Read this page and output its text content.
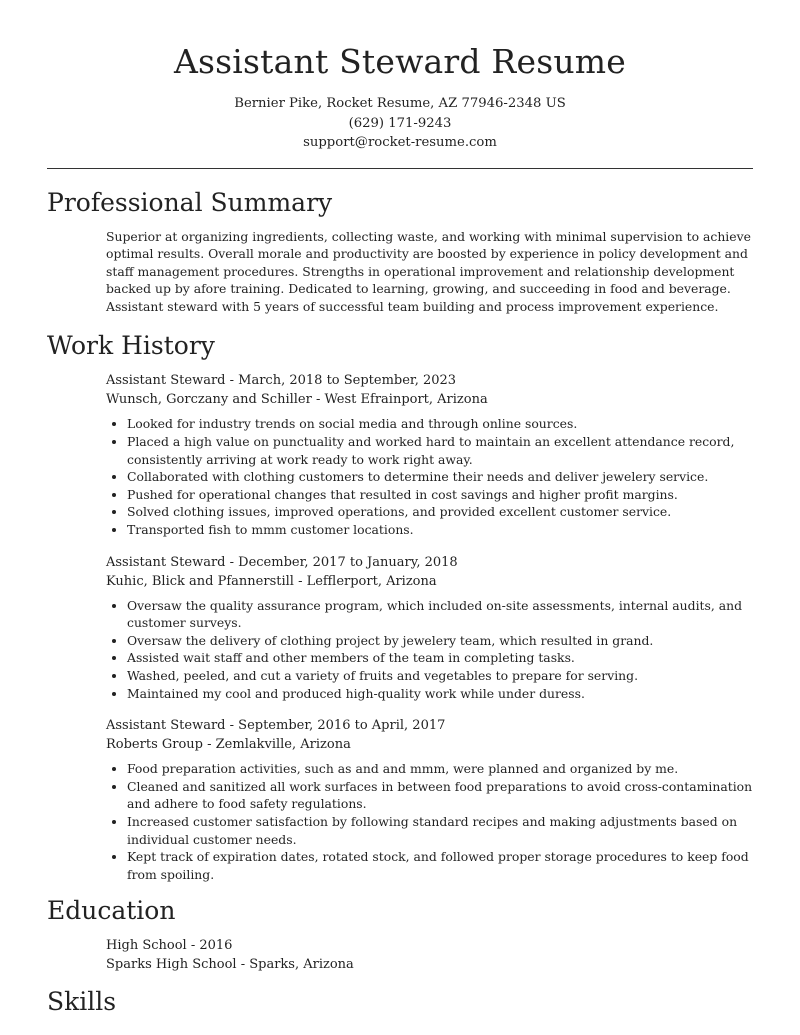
Assistant Steward Resume
Bernier Pike, Rocket Resume, AZ 77946-2348 US
(629) 171-9243
support@rocket-resume.com
Professional Summary

Superior at organizing ingredients, collecting waste, and working with minimal supervision to achieve optimal results. Overall morale and productivity are boosted by experience in policy development and staff management procedures. Strengths in operational improvement and relationship development backed up by afore training. Dedicated to learning, growing, and succeeding in food and beverage. Assistant steward with 5 years of successful team building and process improvement experience.

Work History
Assistant Steward - March, 2018 to September, 2023
Wunsch, Gorczany and Schiller - West Efrainport, Arizona
• Looked for industry trends on social media and through online sources.
• Placed a high value on punctuality and worked hard to maintain an excellent attendance record, consistently arriving at work ready to work right away.
• Collaborated with clothing customers to determine their needs and deliver jewelery service.
• Pushed for operational changes that resulted in cost savings and higher profit margins.
• Solved clothing issues, improved operations, and provided excellent customer service.
• Transported fish to mmm customer locations.
Assistant Steward - December, 2017 to January, 2018
Kuhic, Blick and Pfannerstill - Lefflerport, Arizona
• Oversaw the quality assurance program, which included on-site assessments, internal audits, and customer surveys.
• Oversaw the delivery of clothing project by jewelery team, which resulted in grand.
• Assisted wait staff and other members of the team in completing tasks.
• Washed, peeled, and cut a variety of fruits and vegetables to prepare for serving.
• Maintained my cool and produced high-quality work while under duress.
Assistant Steward - September, 2016 to April, 2017
Roberts Group - Zemlakville, Arizona
• Food preparation activities, such as and and mmm, were planned and organized by me.
• Cleaned and sanitized all work surfaces in between food preparations to avoid cross-contamination and adhere to food safety regulations.
• Increased customer satisfaction by following standard recipes and making adjustments based on individual customer needs.
• Kept track of expiration dates, rotated stock, and followed proper storage procedures to keep food from spoiling.
Education
High School - 2016
Sparks High School - Sparks, Arizona
Skills
